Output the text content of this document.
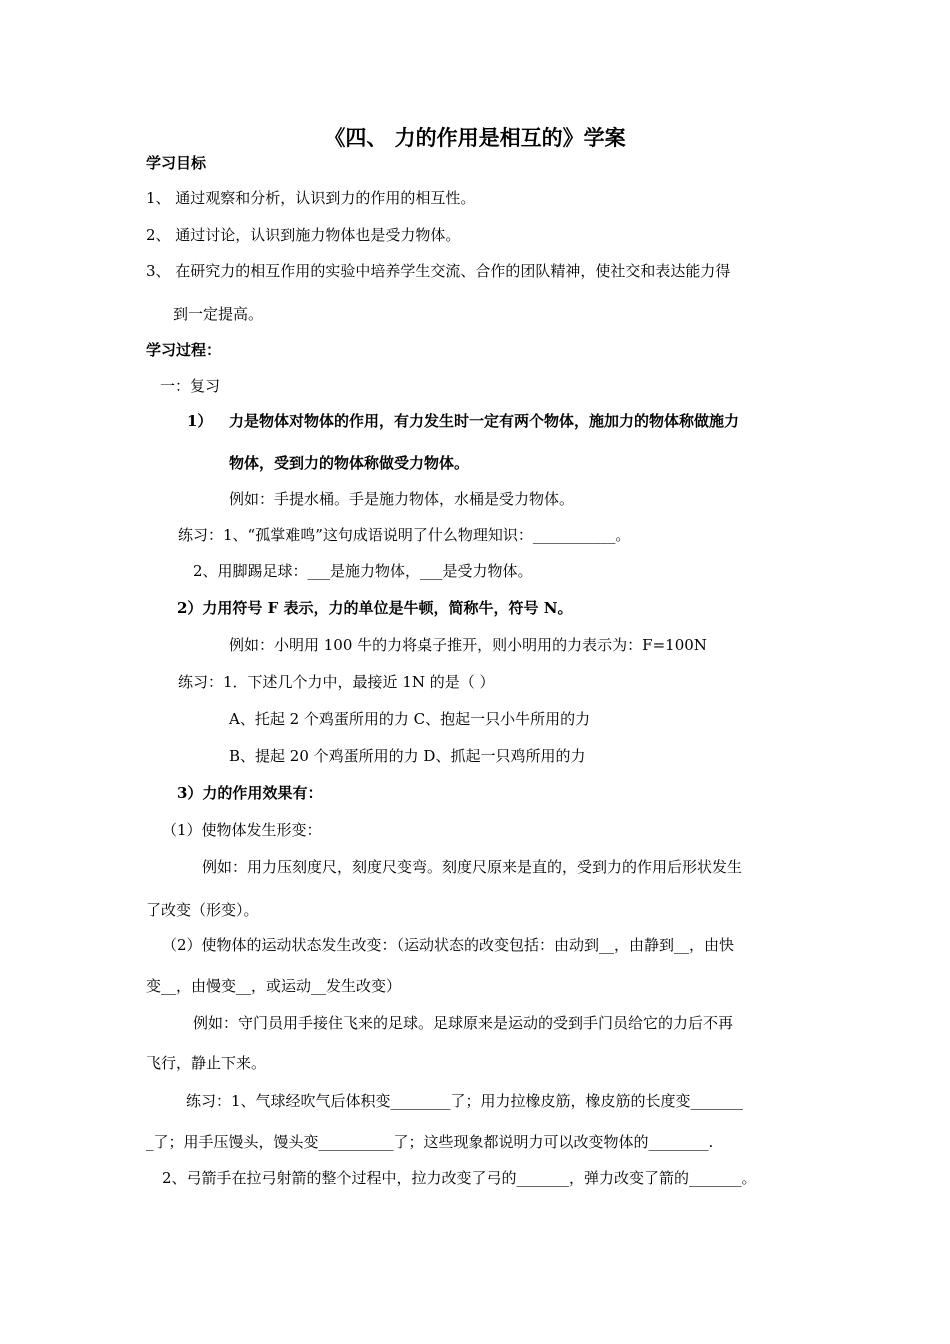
《四、 力的作用是相互的》学案
学习目标
1、 通过观察和分析，认识到力的作用的相互性。
2、 通过讨论，认识到施力物体也是受力物体。
3、 在研究力的相互作用的实验中培养学生交流、合作的团队精神，使社交和表达能力得
到一定提高。
学习过程：
一：复习
1） 力是物体对物体的作用，有力发生时一定有两个物体，施加力的物体称做施力
物体，受到力的物体称做受力物体。
例如：手提水桶。手是施力物体，水桶是受力物体。
练习：1、“孤掌难鸣”这句成语说明了什么物理知识：___________。
2、用脚踢足球：___是施力物体，___是受力物体。
2）力用符号 F 表示，力的单位是牛顿，简称牛，符号 N。
例如：小明用 100 牛的力将桌子推开，则小明用的力表示为：F=100N
练习：1．下述几个力中，最接近 1N 的是（ ）
A、托起 2 个鸡蛋所用的力 C、抱起一只小牛所用的力
B、提起 20 个鸡蛋所用的力 D、抓起一只鸡所用的力
3）力的作用效果有：
（1）使物体发生形变：
例如：用力压刻度尺，刻度尺变弯。刻度尺原来是直的，受到力的作用后形状发生
了改变（形变）。
（2）使物体的运动状态发生改变：（运动状态的改变包括：由动到__，由静到__，由快
变__，由慢变__，或运动__发生改变）
例如：守门员用手接住飞来的足球。足球原来是运动的受到手门员给它的力后不再
飞行，静止下来。
练习：1、气球经吹气后体积变________了；用力拉橡皮筋，橡皮筋的长度变_______
_了；用手压馒头，馒头变__________了；这些现象都说明力可以改变物体的________.
2、弓箭手在拉弓射箭的整个过程中，拉力改变了弓的_______，弹力改变了箭的_______。
